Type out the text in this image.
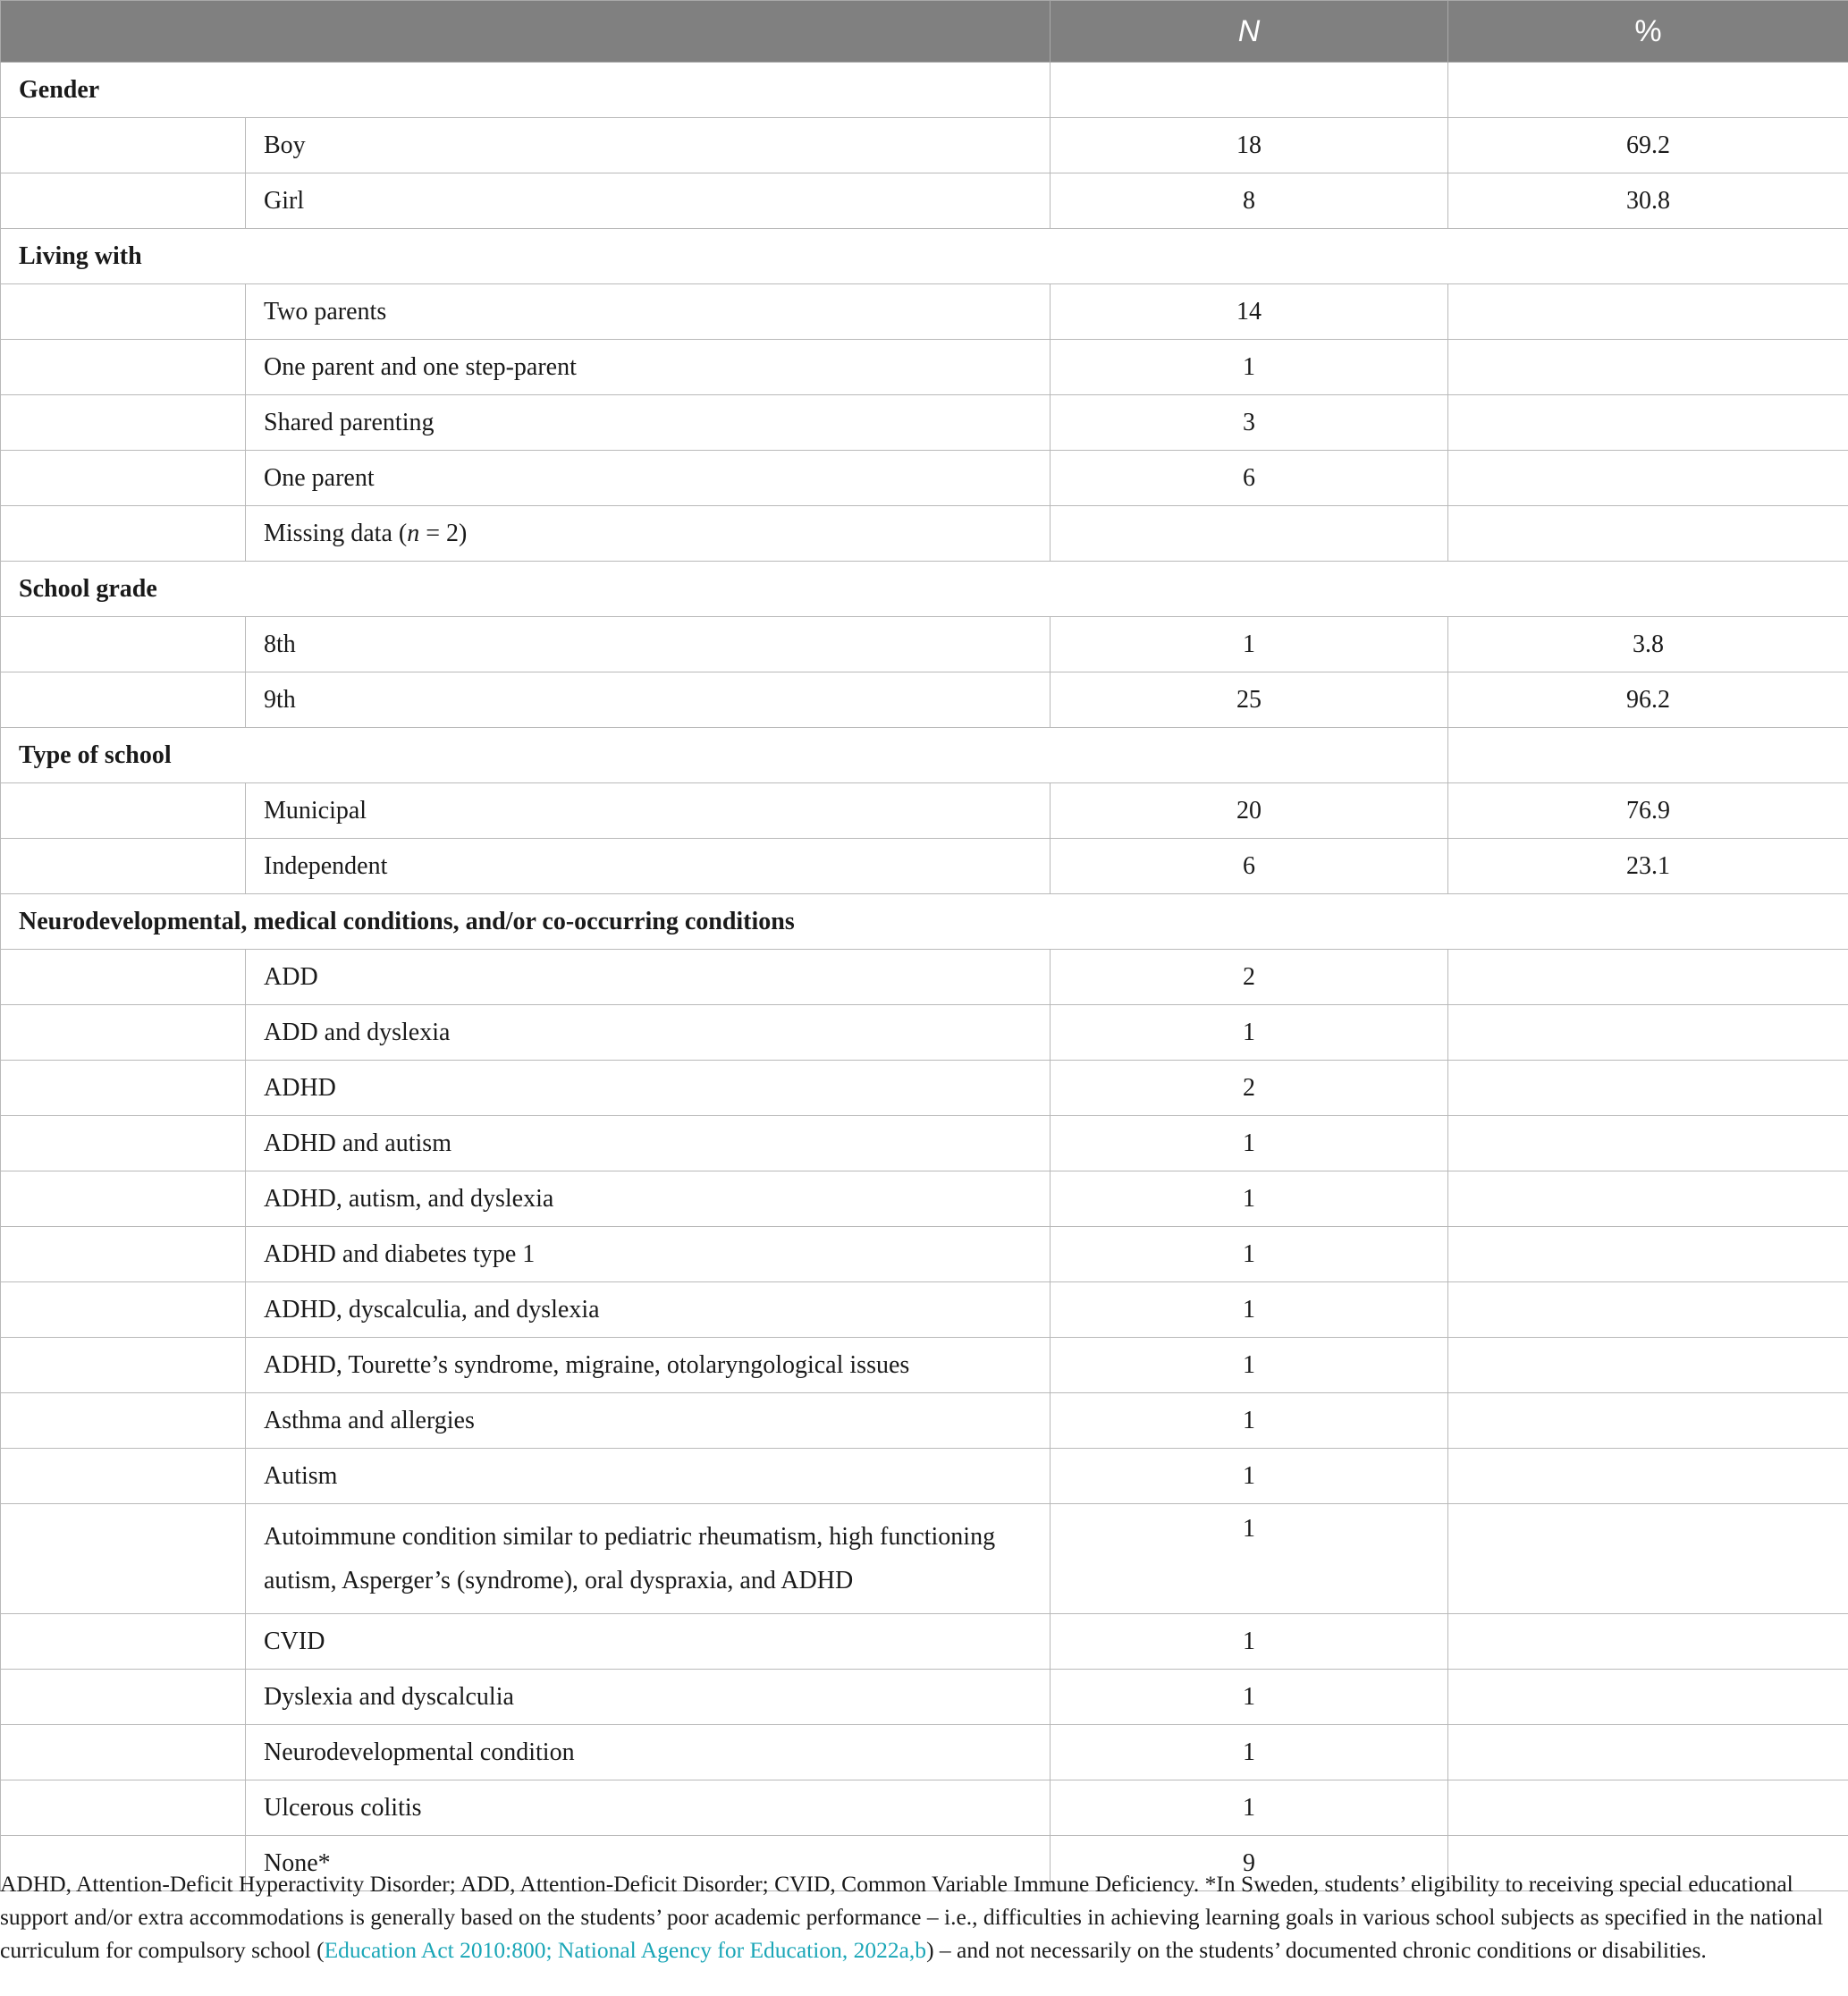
		N	%
Gender			
	Boy	18	69.2
	Girl	8	30.8
Living with			
	Two parents	14	
	One parent and one step-parent	1	
	Shared parenting	3	
	One parent	6	
	Missing data (n = 2)		
School grade			
	8th	1	3.8
	9th	25	96.2
Type of school			
	Municipal	20	76.9
	Independent	6	23.1
Neurodevelopmental, medical conditions, and/or co-occurring conditions			
	ADD	2	
	ADD and dyslexia	1	
	ADHD	2	
	ADHD and autism	1	
	ADHD, autism, and dyslexia	1	
	ADHD and diabetes type 1	1	
	ADHD, dyscalculia, and dyslexia	1	
	ADHD, Tourette’s syndrome, migraine, otolaryngological issues	1	
	Asthma and allergies	1	
	Autism	1	
	Autoimmune condition similar to pediatric rheumatism, high functioning autism, Asperger’s (syndrome), oral dyspraxia, and ADHD	1	
	CVID	1	
	Dyslexia and dyscalculia	1	
	Neurodevelopmental condition	1	
	Ulcerous colitis	1	
	None*	9	
ADHD, Attention-Deficit Hyperactivity Disorder; ADD, Attention-Deficit Disorder; CVID, Common Variable Immune Deficiency. *In Sweden, students’ eligibility to receiving special educational support and/or extra accommodations is generally based on the students’ poor academic performance – i.e., difficulties in achieving learning goals in various school subjects as specified in the national curriculum for compulsory school (Education Act 2010:800; National Agency for Education, 2022a,b) – and not necessarily on the students’ documented chronic conditions or disabilities.
